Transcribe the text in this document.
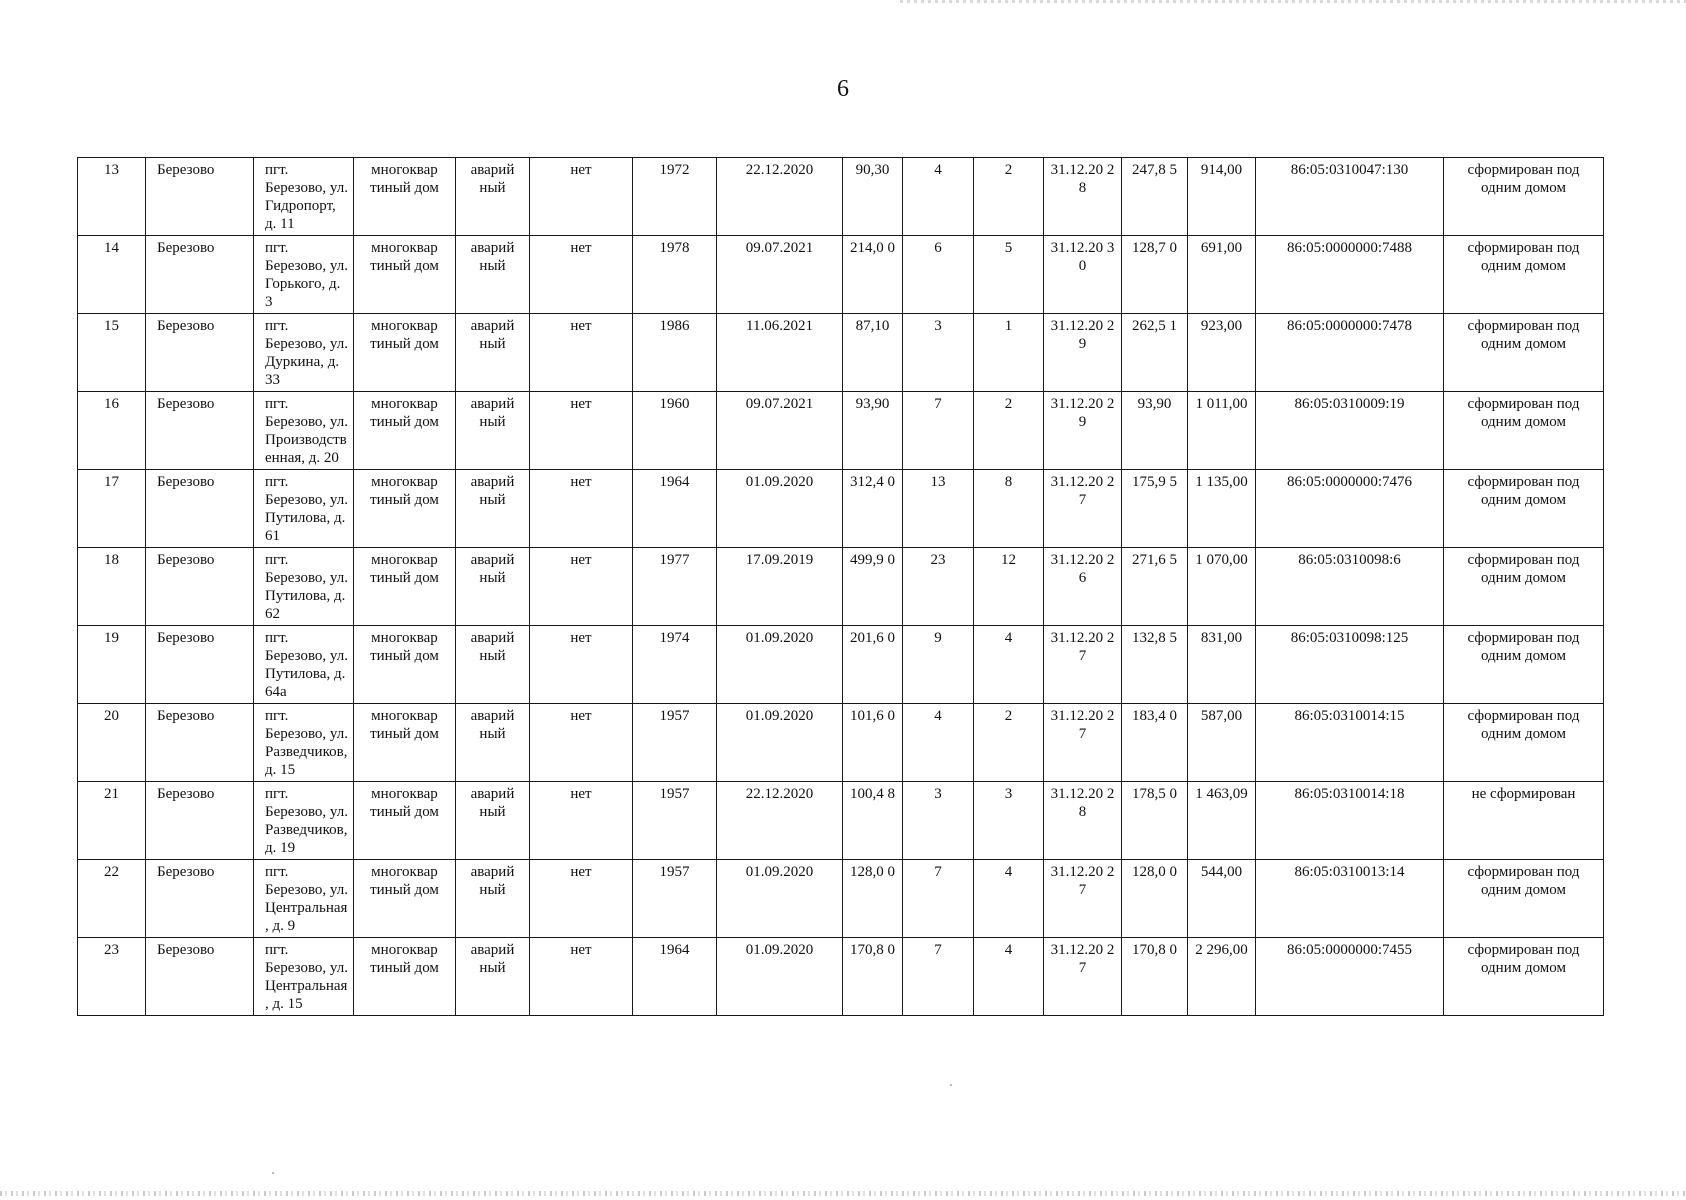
6
13	Березово	пгт. Березово, ул. Гидропорт, д. 11	многоквар тиный дом	аварий ный	нет	1972	22.12.2020	90,30	4	2	31.12.20 28	247,8 5	914,00	86:05:0310047:130	сформирован под одним домом
14	Березово	пгт. Березово, ул. Горького, д. 3	многоквар тиный дом	аварий ный	нет	1978	09.07.2021	214,0 0	6	5	31.12.20 30	128,7 0	691,00	86:05:0000000:7488	сформирован под одним домом
15	Березово	пгт. Березово, ул. Дуркина, д. 33	многоквар тиный дом	аварий ный	нет	1986	11.06.2021	87,10	3	1	31.12.20 29	262,5 1	923,00	86:05:0000000:7478	сформирован под одним домом
16	Березово	пгт. Березово, ул. Производств енная, д. 20	многоквар тиный дом	аварий ный	нет	1960	09.07.2021	93,90	7	2	31.12.20 29	93,90	1 011,00	86:05:0310009:19	сформирован под одним домом
17	Березово	пгт. Березово, ул. Путилова, д. 61	многоквар тиный дом	аварий ный	нет	1964	01.09.2020	312,4 0	13	8	31.12.20 27	175,9 5	1 135,00	86:05:0000000:7476	сформирован под одним домом
18	Березово	пгт. Березово, ул. Путилова, д. 62	многоквар тиный дом	аварий ный	нет	1977	17.09.2019	499,9 0	23	12	31.12.20 26	271,6 5	1 070,00	86:05:0310098:6	сформирован под одним домом
19	Березово	пгт. Березово, ул. Путилова, д. 64а	многоквар тиный дом	аварий ный	нет	1974	01.09.2020	201,6 0	9	4	31.12.20 27	132,8 5	831,00	86:05:0310098:125	сформирован под одним домом
20	Березово	пгт. Березово, ул. Разведчиков, д. 15	многоквар тиный дом	аварий ный	нет	1957	01.09.2020	101,6 0	4	2	31.12.20 27	183,4 0	587,00	86:05:0310014:15	сформирован под одним домом
21	Березово	пгт. Березово, ул. Разведчиков, д. 19	многоквар тиный дом	аварий ный	нет	1957	22.12.2020	100,4 8	3	3	31.12.20 28	178,5 0	1 463,09	86:05:0310014:18	не сформирован
22	Березово	пгт. Березово, ул. Центральная , д. 9	многоквар тиный дом	аварий ный	нет	1957	01.09.2020	128,0 0	7	4	31.12.20 27	128,0 0	544,00	86:05:0310013:14	сформирован под одним домом
23	Березово	пгт. Березово, ул. Центральная , д. 15	многоквар тиный дом	аварий ный	нет	1964	01.09.2020	170,8 0	7	4	31.12.20 27	170,8 0	2 296,00	86:05:0000000:7455	сформирован под одним домом
